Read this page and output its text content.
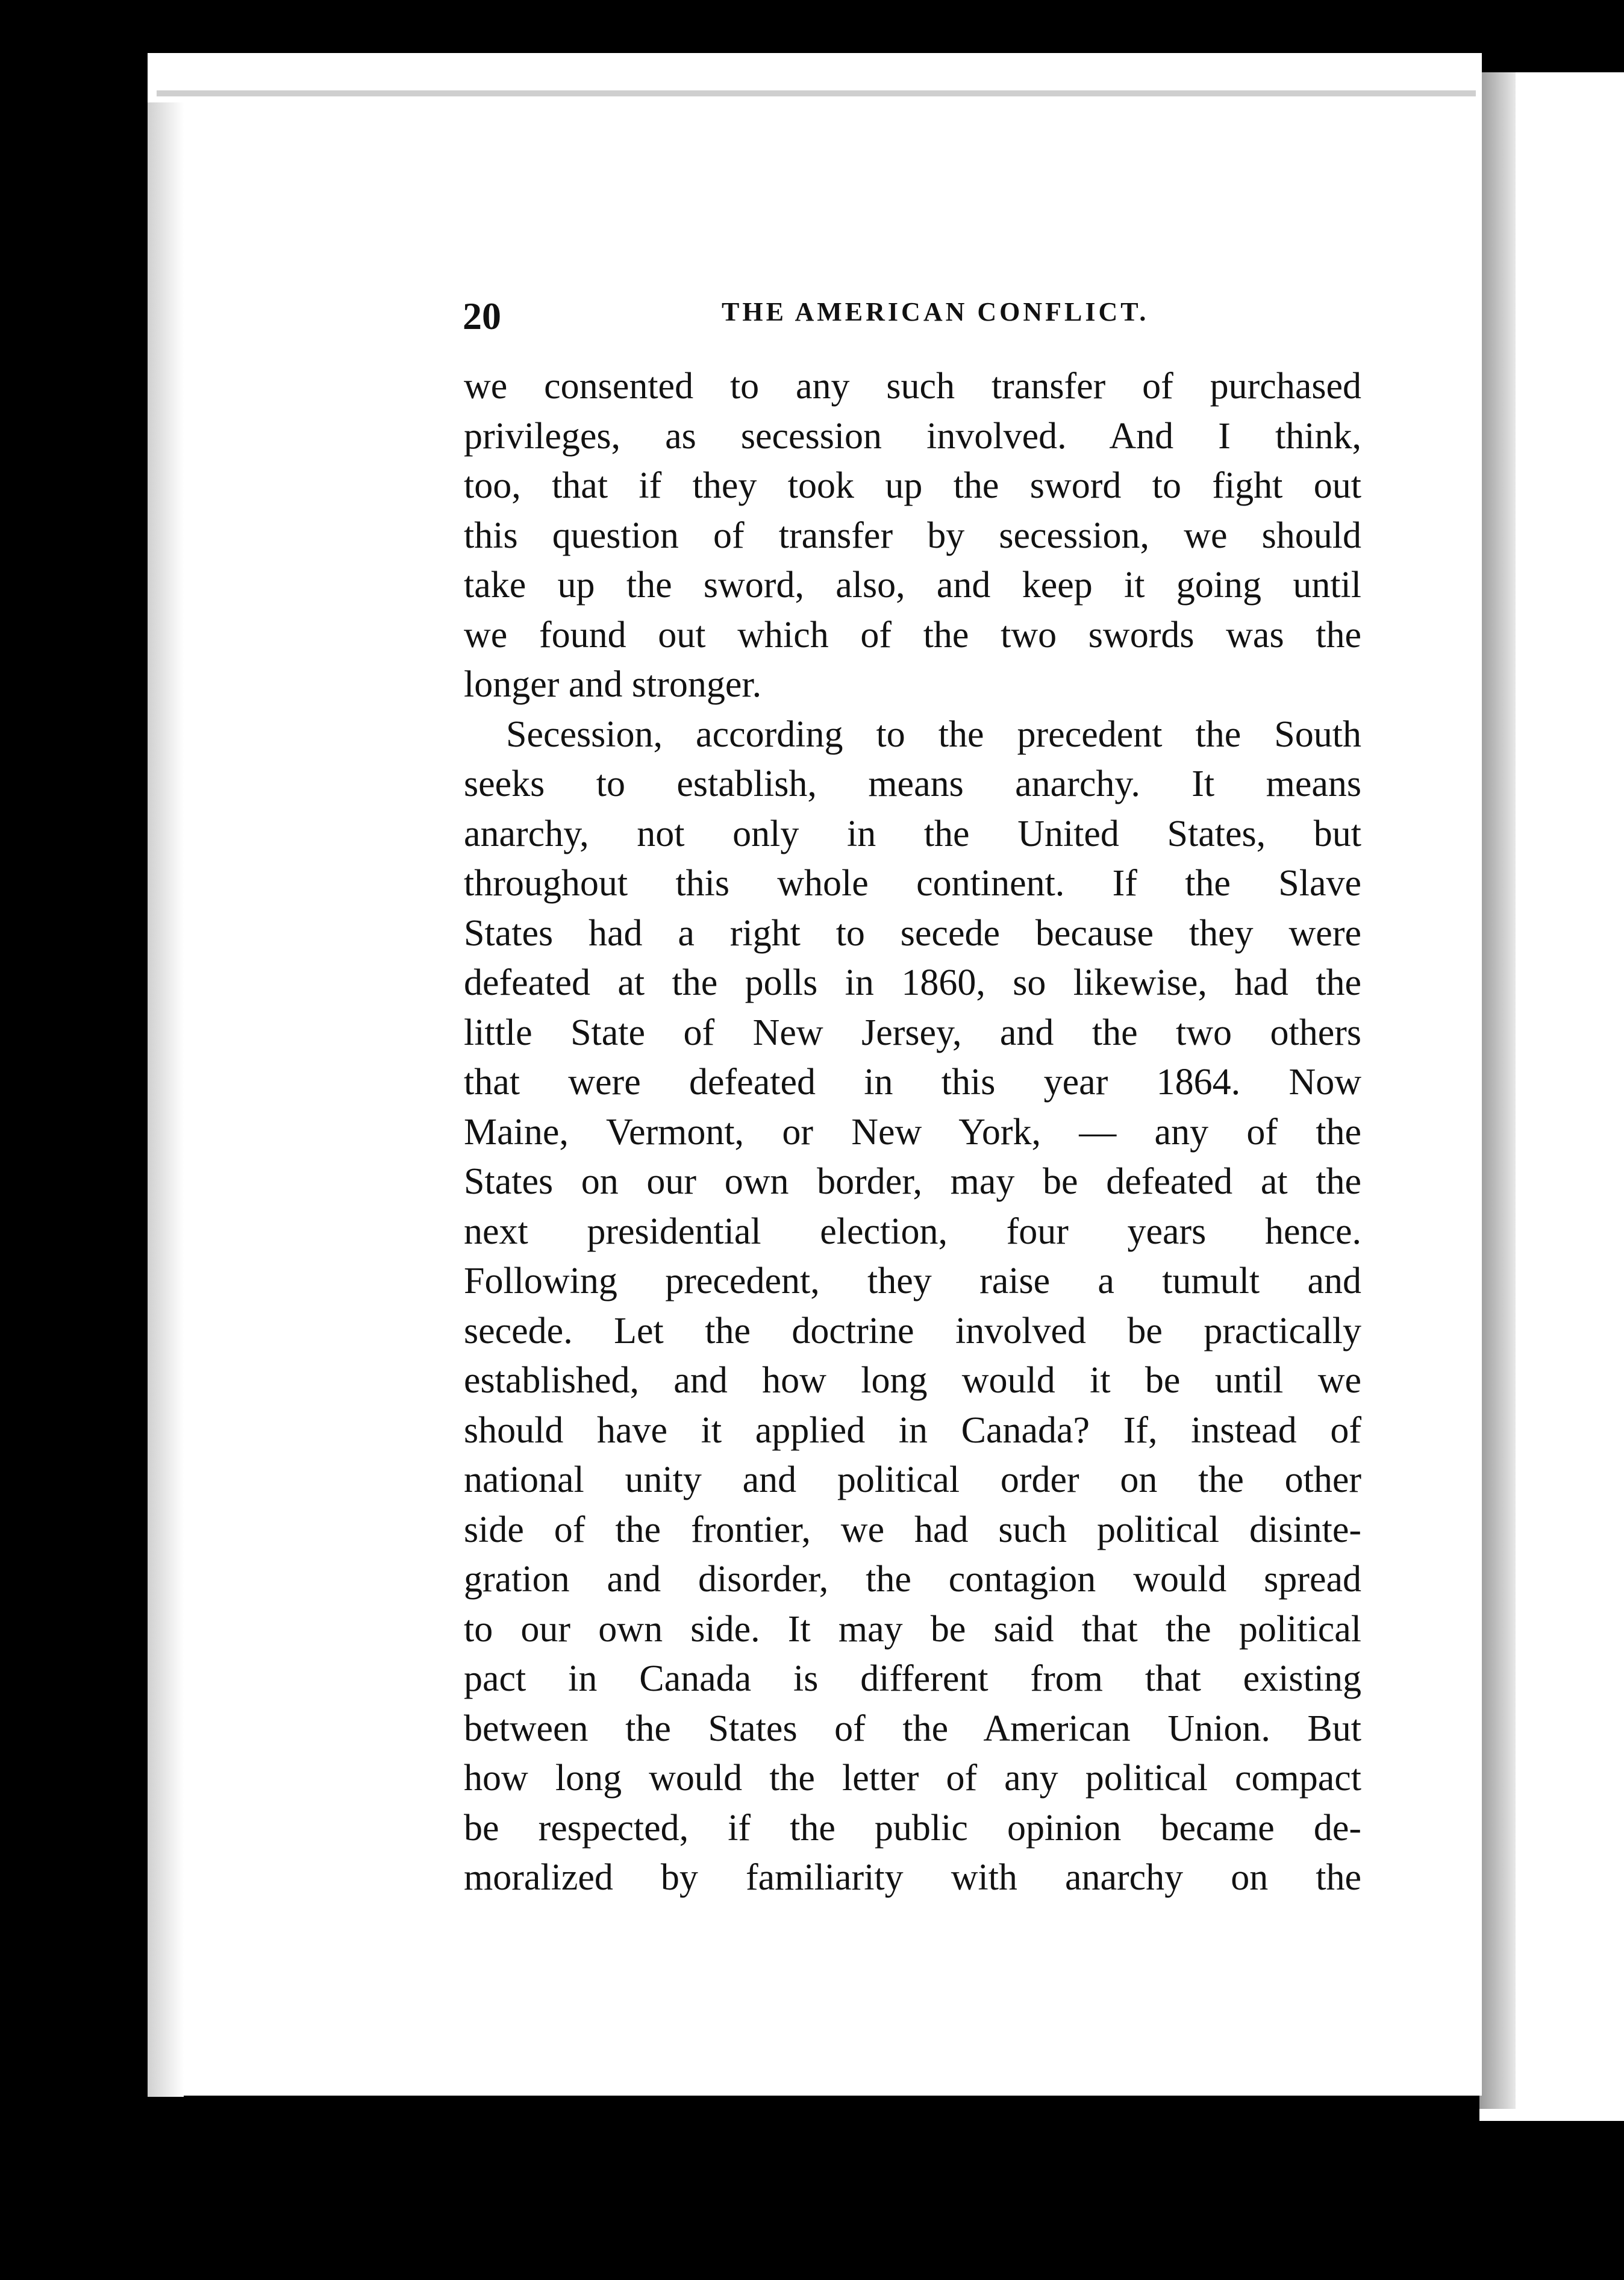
20	THE AMERICAN CONFLICT.
we consented to any such transfer of purchased
privileges, as secession involved. And I think,
too, that if they took up the sword to fight out
this question of transfer by secession, we should
take up the sword, also, and keep it going until
we found out which of the two swords was the
longer and stronger.
Secession, according to the precedent the South
seeks to establish, means anarchy. It means
anarchy, not only in the United States, but
throughout this whole continent. If the Slave
States had a right to secede because they were
defeated at the polls in 1860, so likewise, had the
little State of New Jersey, and the two others
that were defeated in this year 1864. Now
Maine, Vermont, or New York, — any of the
States on our own border, may be defeated at the
next presidential election, four years hence.
Following precedent, they raise a tumult and
secede. Let the doctrine involved be practically
established, and how long would it be until we
should have it applied in Canada? If, instead of
national unity and political order on the other
side of the frontier, we had such political disinte-
gration and disorder, the contagion would spread
to our own side. It may be said that the political
pact in Canada is different from that existing
between the States of the American Union. But
how long would the letter of any political compact
be respected, if the public opinion became de-
moralized by familiarity with anarchy on the
